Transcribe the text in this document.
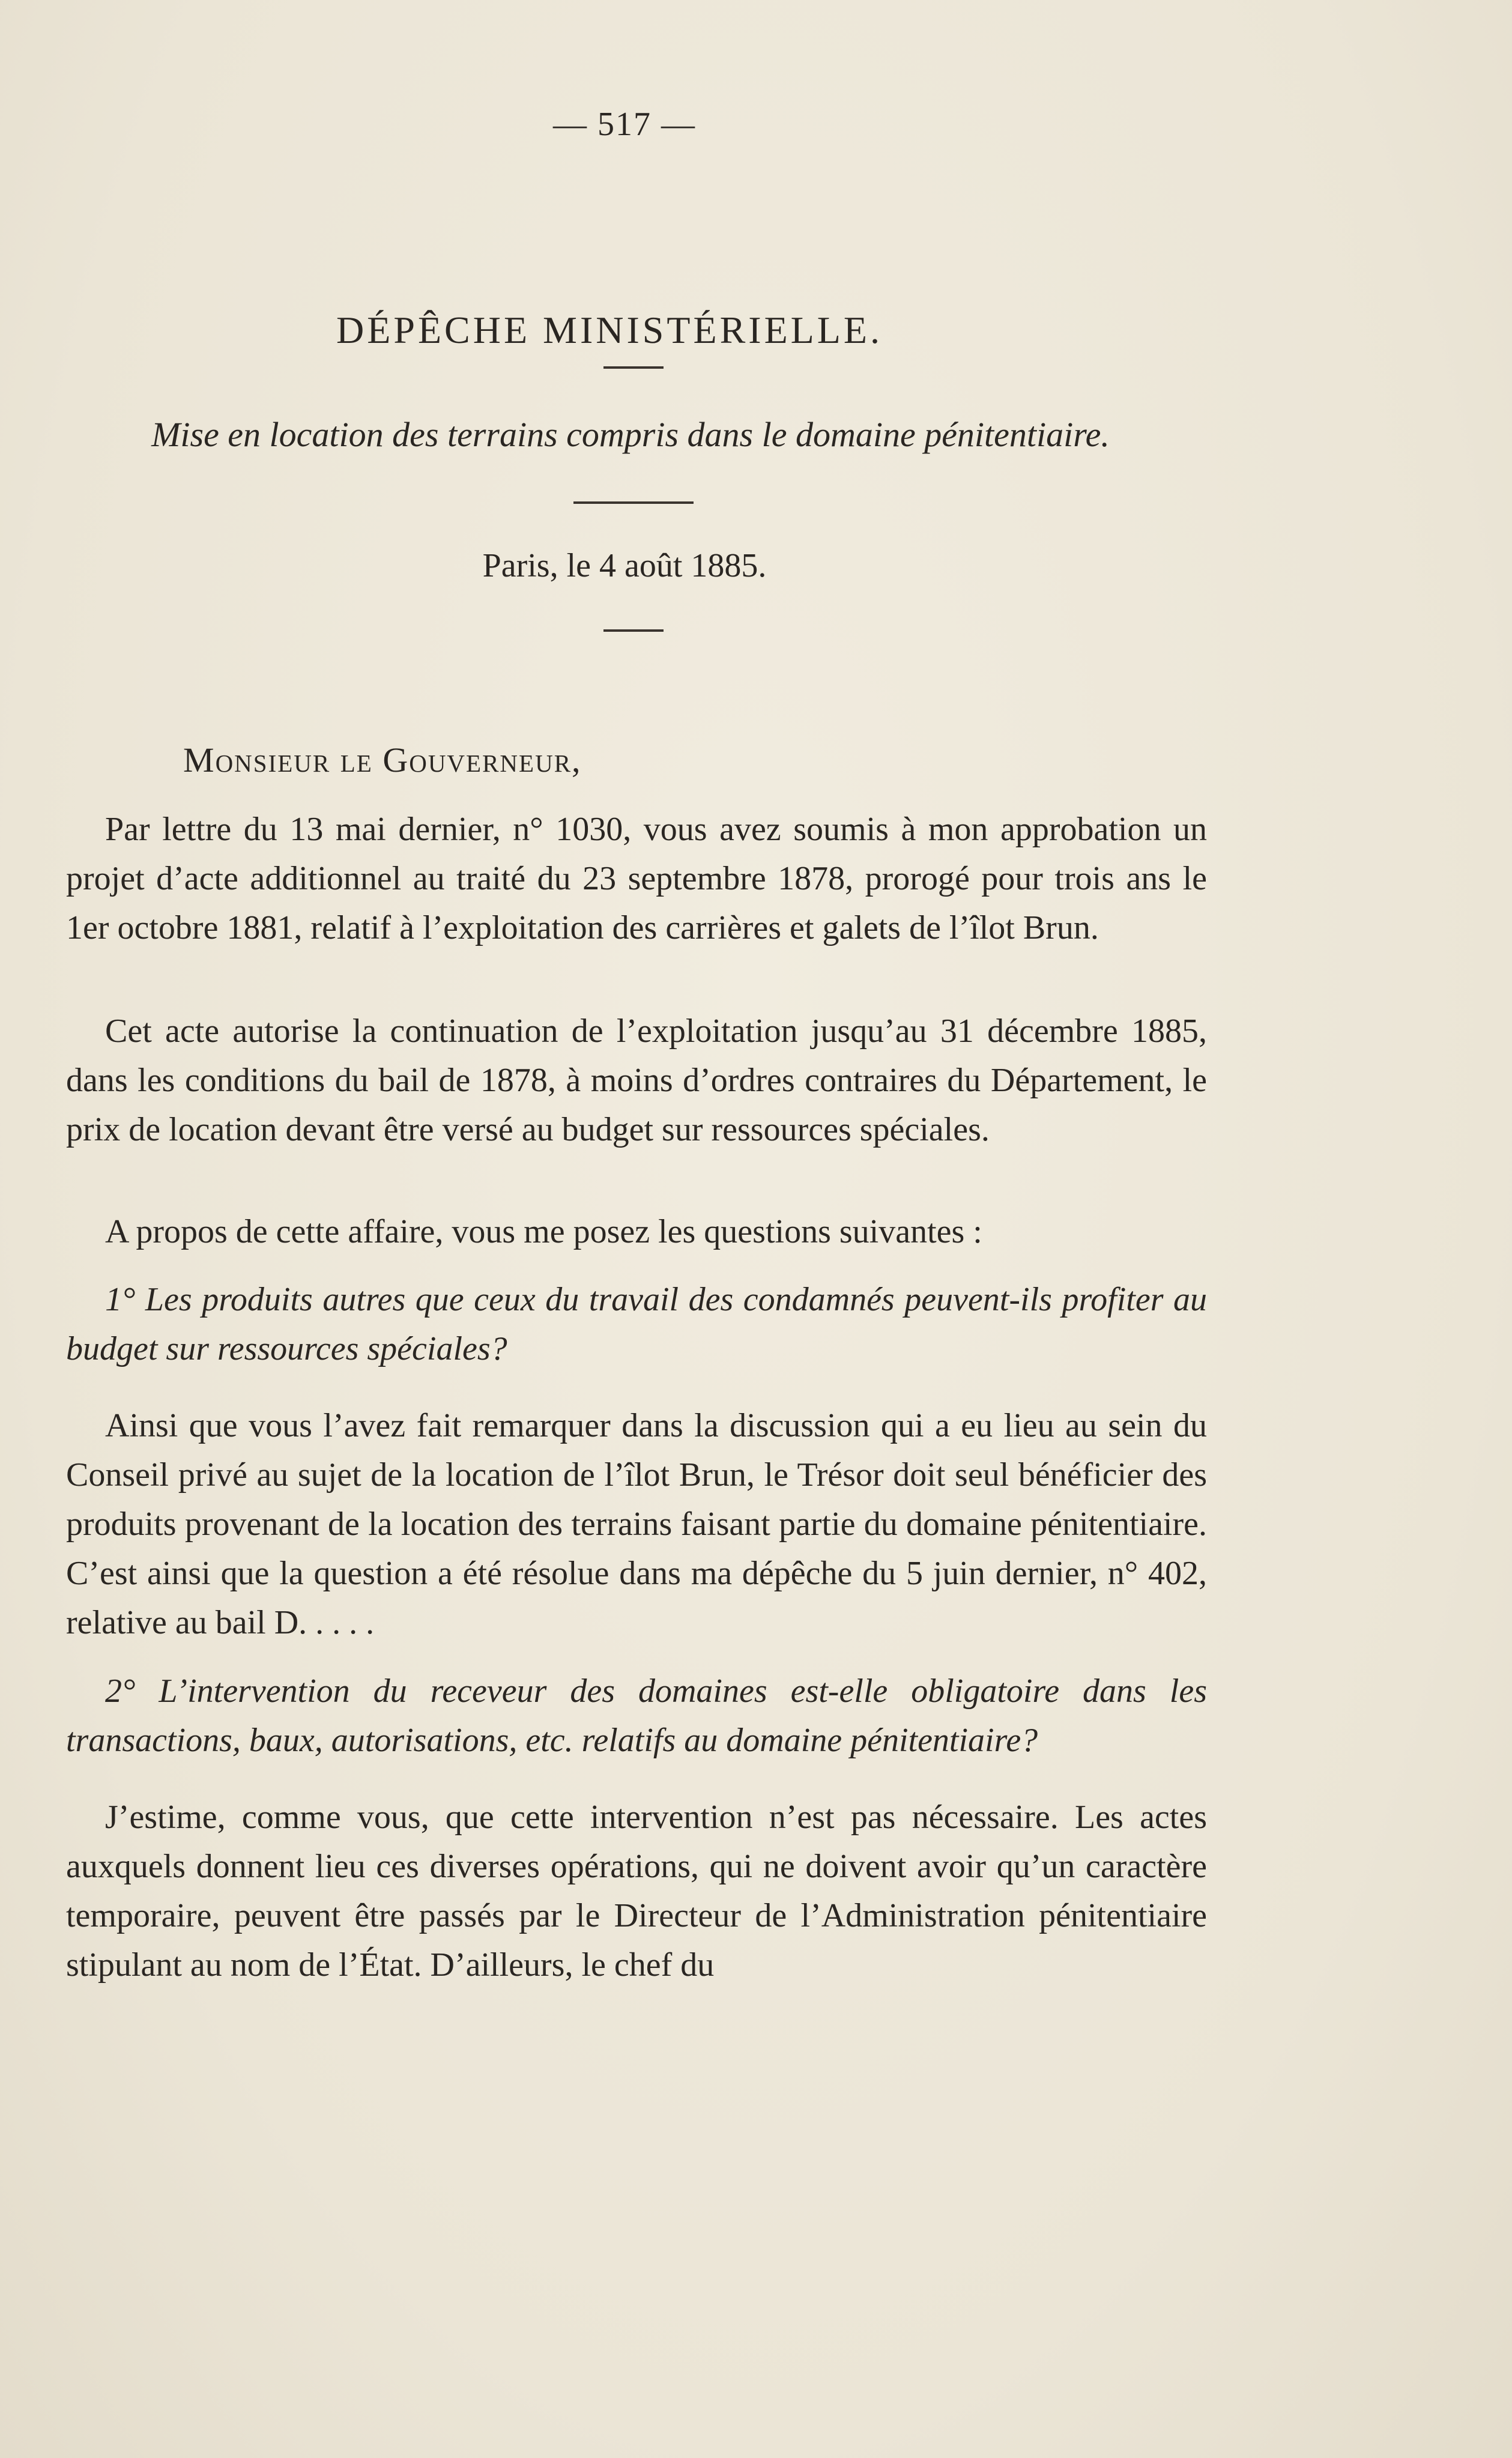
— 517 —
DÉPÊCHE MINISTÉRIELLE.
Mise en location des terrains compris dans le domaine pénitentiaire.
Paris, le 4 août 1885.
Monsieur le Gouverneur,

Par lettre du 13 mai dernier, n° 1030, vous avez soumis à mon approbation un projet d’acte additionnel au traité du 23 septembre 1878, prorogé pour trois ans le 1er octobre 1881, relatif à l’exploitation des carrières et galets de l’îlot Brun.

Cet acte autorise la continuation de l’exploitation jusqu’au 31 décembre 1885, dans les conditions du bail de 1878, à moins d’ordres contraires du Département, le prix de location devant être versé au budget sur ressources spéciales.

A propos de cette affaire, vous me posez les questions suivantes :

1° Les produits autres que ceux du travail des condamnés peuvent-ils profiter au budget sur ressources spéciales?

Ainsi que vous l’avez fait remarquer dans la discussion qui a eu lieu au sein du Conseil privé au sujet de la location de l’îlot Brun, le Trésor doit seul bénéficier des produits provenant de la location des terrains faisant partie du domaine pénitentiaire. C’est ainsi que la question a été résolue dans ma dépêche du 5 juin dernier, n° 402, relative au bail D. . . . .

2° L’intervention du receveur des domaines est-elle obligatoire dans les transactions, baux, autorisations, etc. relatifs au domaine pénitentiaire?

J’estime, comme vous, que cette intervention n’est pas nécessaire. Les actes auxquels donnent lieu ces diverses opérations, qui ne doivent avoir qu’un caractère temporaire, peuvent être passés par le Directeur de l’Administration pénitentiaire stipulant au nom de l’État. D’ailleurs, le chef du
